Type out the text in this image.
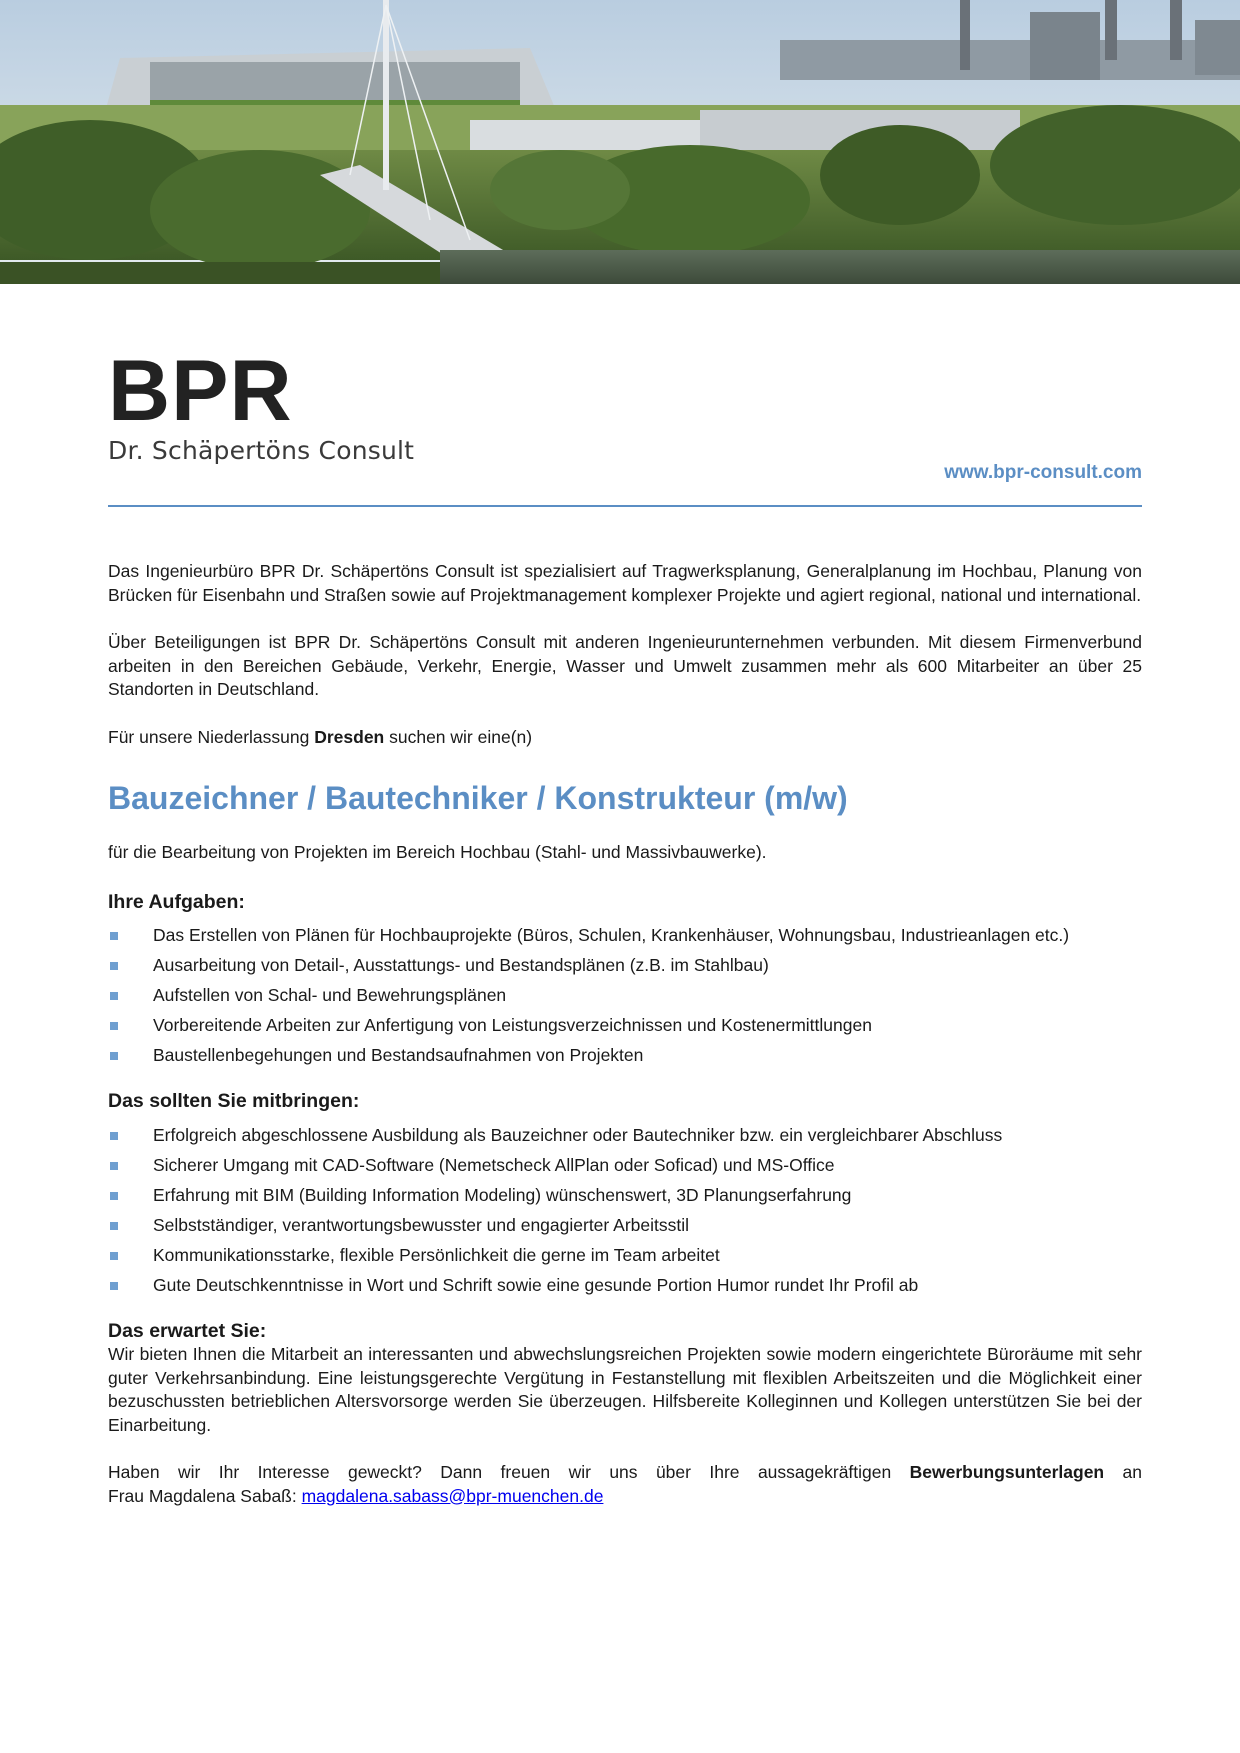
BPR
Dr. Schäpertöns Consult
www.bpr-consult.com

Das Ingenieurbüro BPR Dr. Schäpertöns Consult ist spezialisiert auf Tragwerksplanung, Generalplanung im Hochbau, Planung von Brücken für Eisenbahn und Straßen sowie auf Projektmanagement komplexer Projekte und agiert regional, national und international.

Über Beteiligungen ist BPR Dr. Schäpertöns Consult mit anderen Ingenieurunternehmen verbunden. Mit diesem Firmenverbund arbeiten in den Bereichen Gebäude, Verkehr, Energie, Wasser und Umwelt zusammen mehr als 600 Mitarbeiter an über 25 Standorten in Deutschland.

Für unsere Niederlassung Dresden suchen wir eine(n)

Bauzeichner / Bautechniker / Konstrukteur (m/w)

für die Bearbeitung von Projekten im Bereich Hochbau (Stahl- und Massivbauwerke).

Ihre Aufgaben:
Das Erstellen von Plänen für Hochbauprojekte (Büros, Schulen, Krankenhäuser, Wohnungsbau, Industrieanlagen etc.)
Ausarbeitung von Detail-, Ausstattungs- und Bestandsplänen (z.B. im Stahlbau)
Aufstellen von Schal- und Bewehrungsplänen
Vorbereitende Arbeiten zur Anfertigung von Leistungsverzeichnissen und Kostenermittlungen
Baustellenbegehungen und Bestandsaufnahmen von Projekten
Das sollten Sie mitbringen:
Erfolgreich abgeschlossene Ausbildung als Bauzeichner oder Bautechniker bzw. ein vergleichbarer Abschluss
Sicherer Umgang mit CAD-Software (Nemetscheck AllPlan oder Soficad) und MS-Office
Erfahrung mit BIM (Building Information Modeling) wünschenswert, 3D Planungserfahrung
Selbstständiger, verantwortungsbewusster und engagierter Arbeitsstil
Kommunikationsstarke, flexible Persönlichkeit die gerne im Team arbeitet
Gute Deutschkenntnisse in Wort und Schrift sowie eine gesunde Portion Humor rundet Ihr Profil ab
Das erwartet Sie:

Wir bieten Ihnen die Mitarbeit an interessanten und abwechslungsreichen Projekten sowie modern eingerichtete Büroräume mit sehr guter Verkehrsanbindung. Eine leistungsgerechte Vergütung in Festanstellung mit flexiblen Arbeitszeiten und die Möglichkeit einer bezuschussten betrieblichen Altersvorsorge werden Sie überzeugen. Hilfsbereite Kolleginnen und Kollegen unterstützen Sie bei der Einarbeitung.

Haben wir Ihr Interesse geweckt? Dann freuen wir uns über Ihre aussagekräftigen Bewerbungsunterlagen an

Frau Magdalena Sabaß: magdalena.sabass@bpr-muenchen.de
